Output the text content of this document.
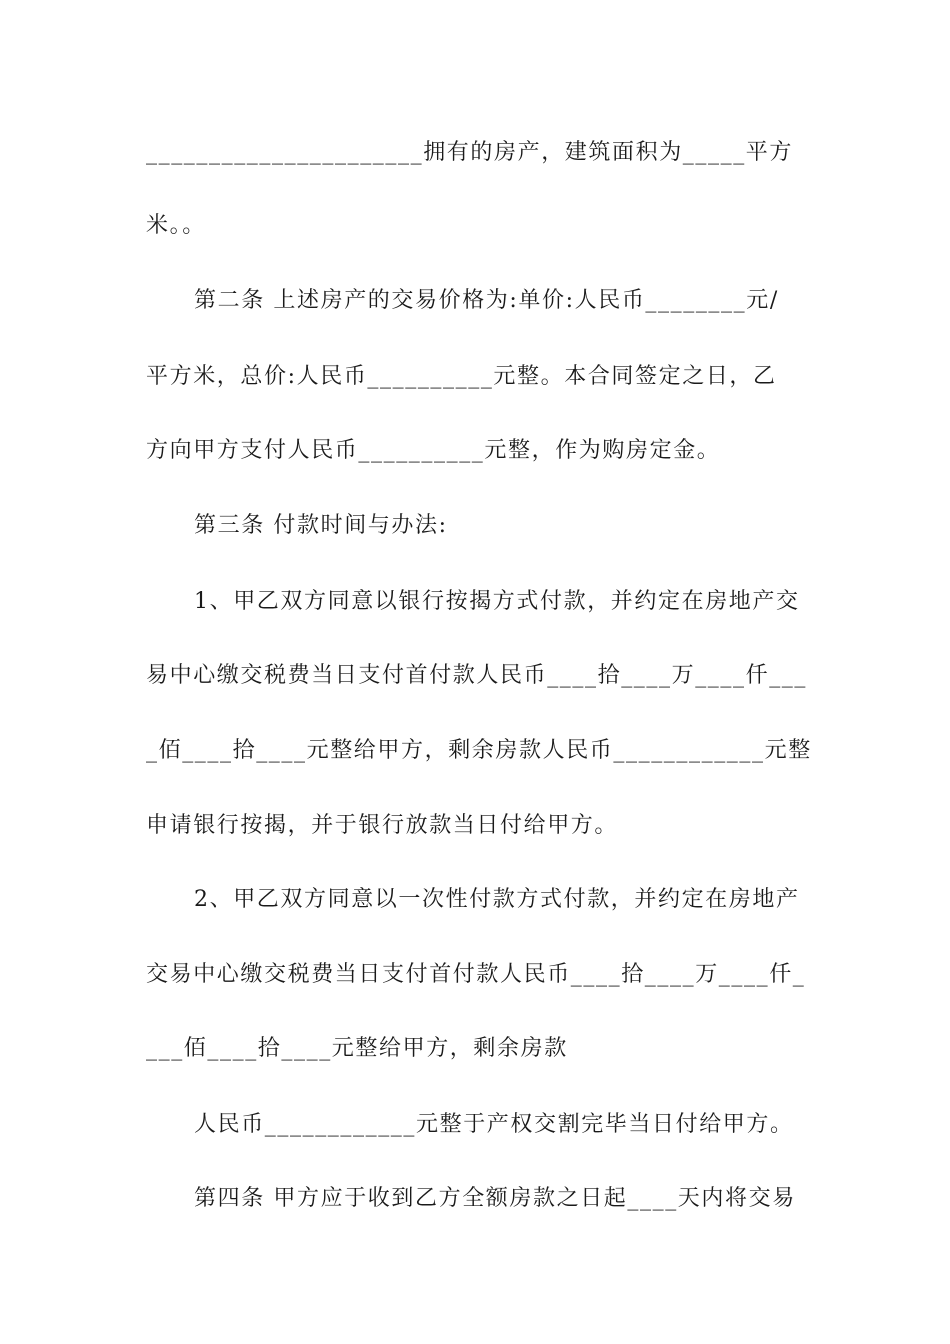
______________________拥有的房产，建筑面积为_____平方
米。。
第二条 上述房产的交易价格为:单价:人民币________元/
平方米，总价:人民币__________元整。本合同签定之日，乙
方向甲方支付人民币__________元整，作为购房定金。
第三条 付款时间与办法:
1、甲乙双方同意以银行按揭方式付款，并约定在房地产交
易中心缴交税费当日支付首付款人民币____拾____万____仟___
_佰____拾____元整给甲方，剩余房款人民币____________元整
申请银行按揭，并于银行放款当日付给甲方。
2、甲乙双方同意以一次性付款方式付款，并约定在房地产
交易中心缴交税费当日支付首付款人民币____拾____万____仟_
___佰____拾____元整给甲方，剩余房款
人民币____________元整于产权交割完毕当日付给甲方。
第四条 甲方应于收到乙方全额房款之日起____天内将交易
